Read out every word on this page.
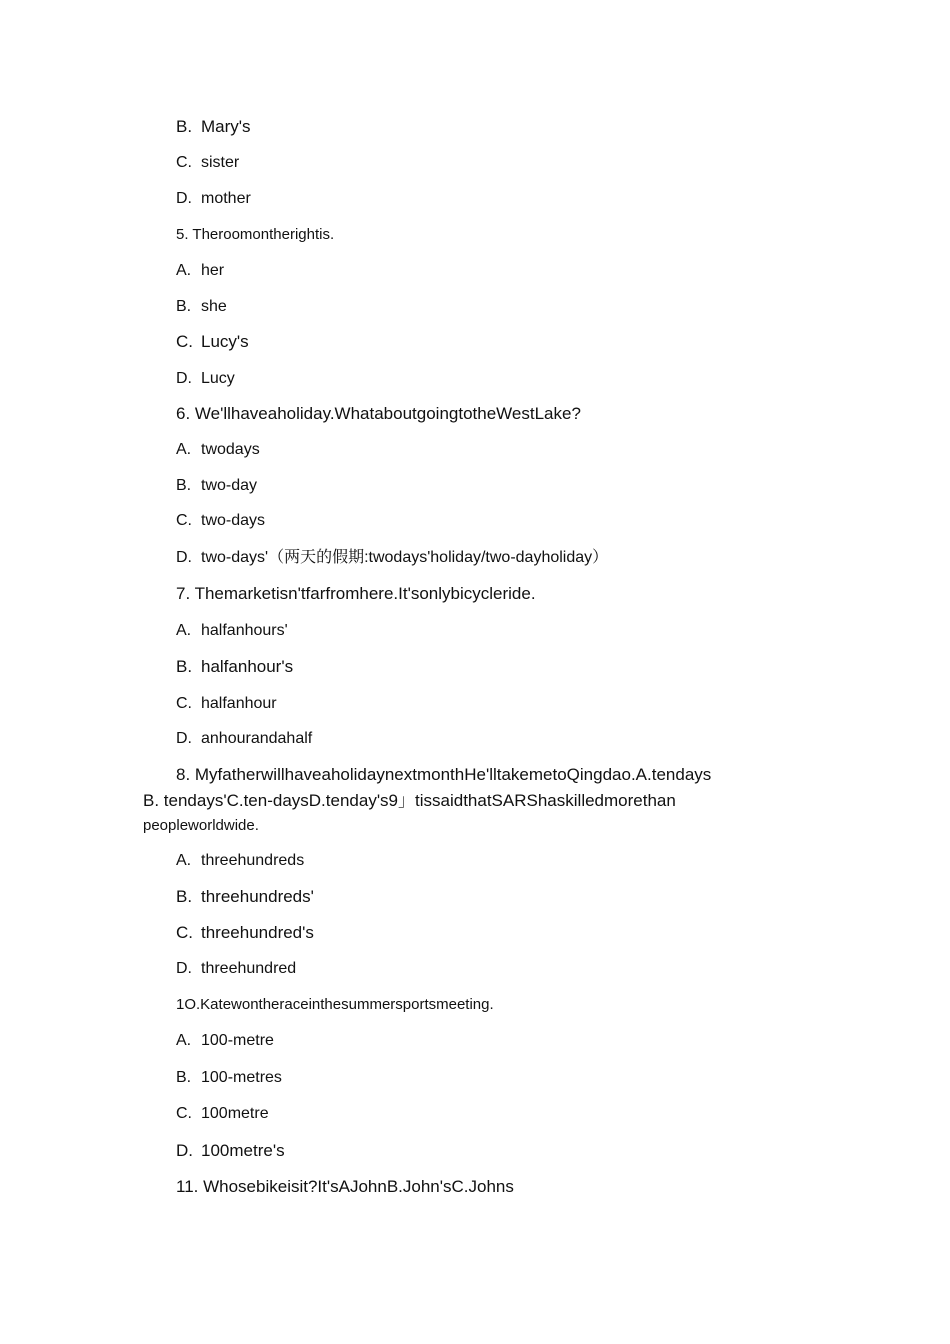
B. Mary's
C. sister
D. mother
5. Theroomontherightis.
A. her
B. she
C. Lucy's
D. Lucy
6. We'llhaveaholiday.WhataboutgoingtotheWestLake?
A. twodays
B. two-day
C. two-days
D. two-days'（两天的假期:twodays'holiday/two-dayholiday）
7. Themarketisn'tfarfromhere.It'sonlybicycleride.
A. halfanhours'
B. halfanhour's
C. halfanhour
D. anhourandahalf
8. MyfatherwillhaveaholidaynextmonthHe'lltakemetoQingdao.A.tendays
B. tendays'C.ten-daysD.tenday's9」tissaidthatSARShaskilledmorethan
peopleworldwide.
A. threehundreds
B. threehundreds'
C. threehundred's
D. threehundred
1O.Katewontheraceinthesummersportsmeeting.
A. 100-metre
B. 100-metres
C. 100metre
D. 100metre's
11. Whosebikeisit?It'sAJohnB.John'sC.Johns
